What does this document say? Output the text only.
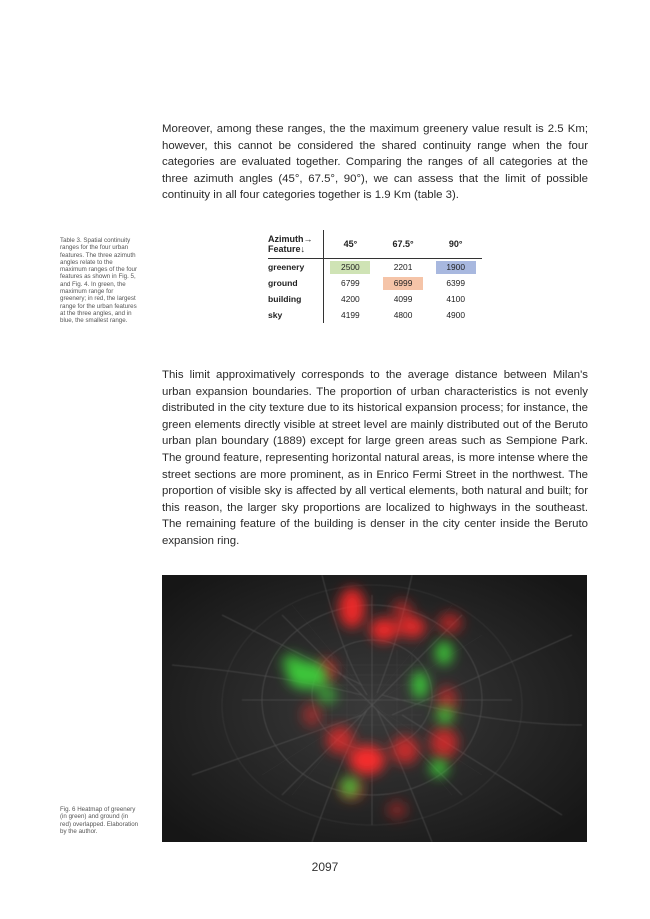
Moreover, among these ranges, the the maximum greenery value result is 2.5 Km; however, this cannot be considered the shared continuity range when the four categories are evaluated together. Comparing the ranges of all categories at the three azimuth angles (45°, 67.5°, 90°), we can assess that the limit of possible continuity in all four categories together is 1.9 Km (table 3).

Table 3. Spatial continuity ranges for the four urban features. The three azimuth angles relate to the maximum ranges of the four features as shown in Fig. 5, and Fig. 4. In green, the maximum range for greenery; in red, the largest range for the urban features at the three angles, and in blue, the smallest range.

Azimuth→
Feature↓	45°	67.5°	90°
greenery	2500	2201	1900
ground	6799	6999	6399
building	4200	4099	4100
sky	4199	4800	4900

This limit approximatively corresponds to the average distance between Milan's urban expansion boundaries. The proportion of urban characteristics is not evenly distributed in the city texture due to its historical expansion process; for instance, the green elements directly visible at street level are mainly distributed out of the Beruto urban plan boundary (1889) except for large green areas such as Sempione Park. The ground feature, representing horizontal natural areas, is more intense where the street sections are more prominent, as in Enrico Fermi Street in the northwest. The proportion of visible sky is affected by all vertical elements, both natural and built; for this reason, the larger sky proportions are localized to highways in the southeast. The remaining feature of the building is denser in the city center inside the Beruto expansion ring.

Fig. 6 Heatmap of greenery (in green) and ground (in red) overlapped. Elaboration by the author.

2097
